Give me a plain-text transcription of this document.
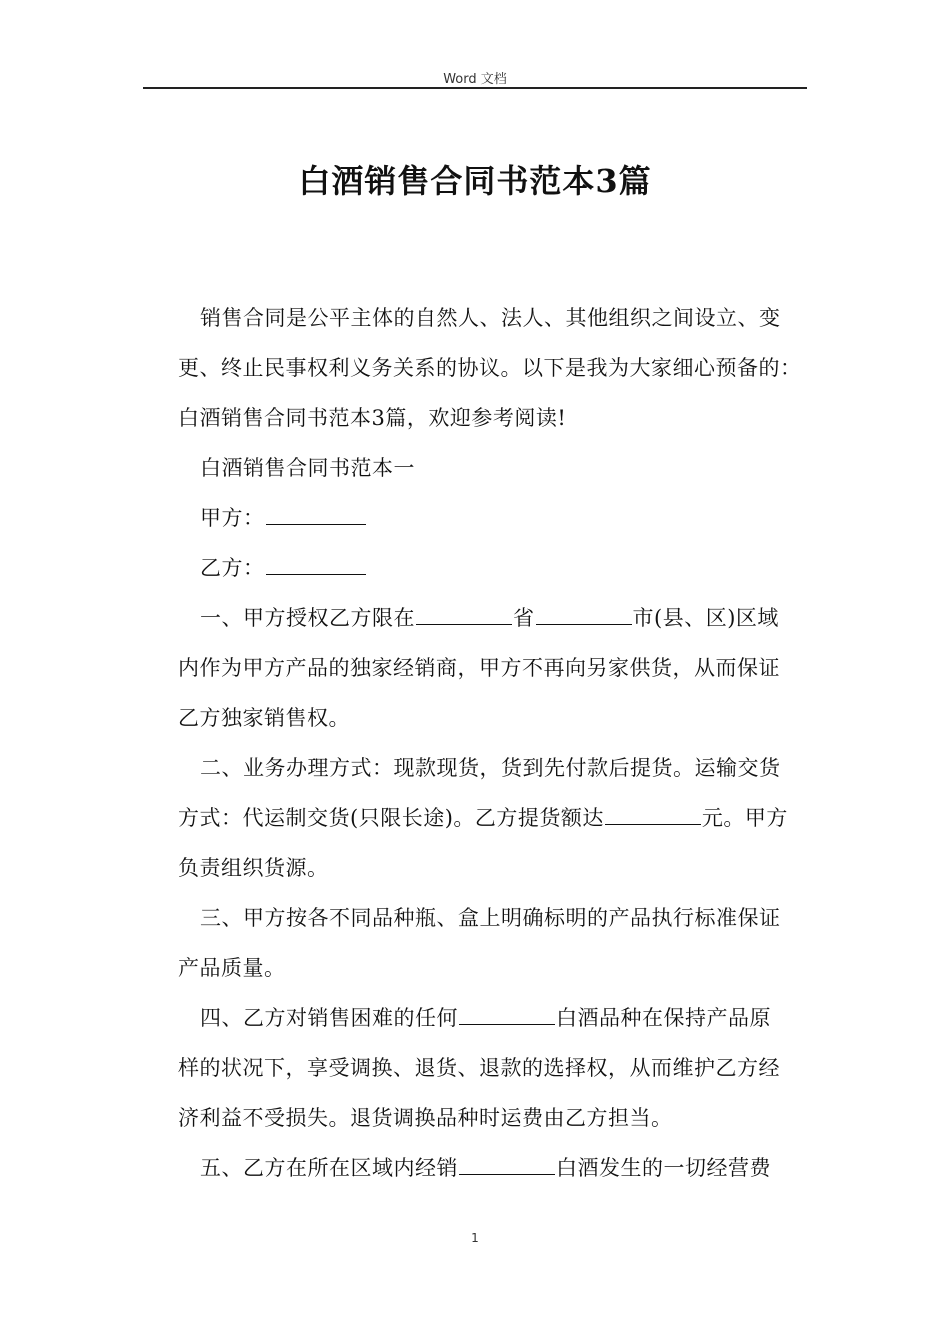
Word 文档
白酒销售合同书范本3篇
销售合同是公平主体的自然人、法人、其他组织之间设立、变
更、终止民事权利义务关系的协议。以下是我为大家细心预备的：
白酒销售合同书范本3篇，欢迎参考阅读!
白酒销售合同书范本一
甲方：
乙方：
一、甲方授权乙方限在	省	市(县、区)区域
内作为甲方产品的独家经销商，甲方不再向另家供货，从而保证
乙方独家销售权。
二、业务办理方式：现款现货，货到先付款后提货。运输交货
方式：代运制交货(只限长途)。乙方提货额达	元。甲方
负责组织货源。
三、甲方按各不同品种瓶、盒上明确标明的产品执行标准保证
产品质量。
四、乙方对销售困难的任何	白酒品种在保持产品原
样的状况下，享受调换、退货、退款的选择权，从而维护乙方经
济利益不受损失。退货调换品种时运费由乙方担当。
五、乙方在所在区域内经销	白酒发生的一切经营费
1
